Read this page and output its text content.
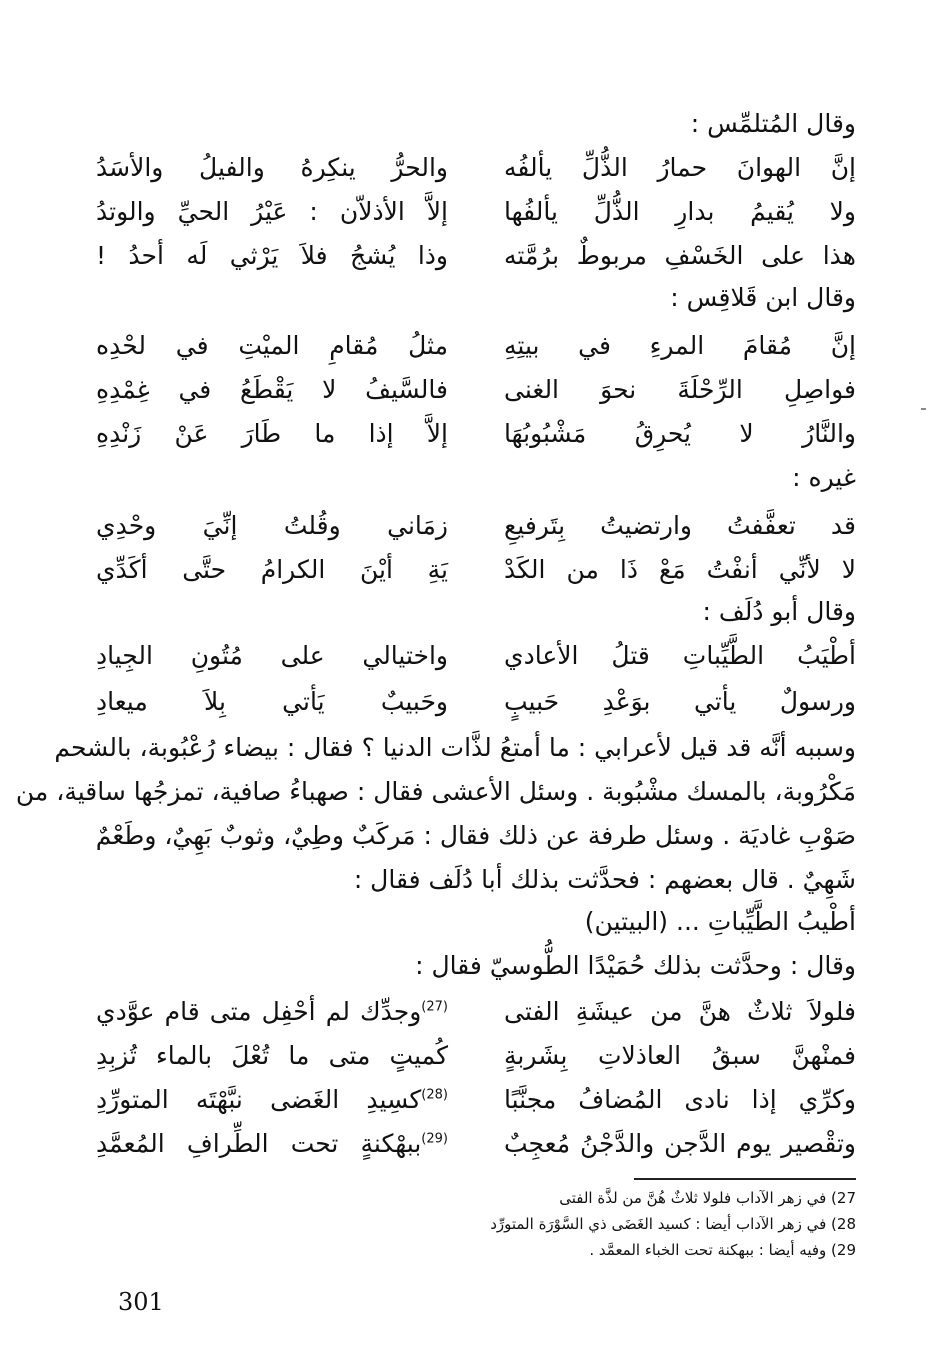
وقال المُتلمِّس :
إنَّ الهوانَ حمارُ الذُّلِّ يألفُه
والحرُّ ينكِرهُ والفيلُ والأسَدُ
ولا يُقيمُ بدارِ الذُّلِّ يألفُها
إلاَّ الأذلاّن : عَيْرُ الحيِّ والوتدُ
هذا على الخَسْفِ مربوطٌ برُمَّته
وذا يُشجُ فلاَ يَرْثي لَه أحدُ !
وقال ابن قَلاقِس :
إنَّ مُقامَ المرءِ في بيتِهِ
مثلُ مُقامِ الميْتِ في لحْدِه
فواصِلِ الرِّحْلَةَ نحوَ الغنى
فالسَّيفُ لا يَقْطَعُ في غِمْدِهِ
والنَّارُ لا يُحرِقُ مَشْبُوبُهَا
إلاَّ إذا ما طَارَ عَنْ زَنْدِهِ
غيره :
قد تعفَّفتُ وارتضيتُ بِتَرفيعِ
زمَاني وقُلتُ إنِّيَ وحْدِي
لا لأنِّي أنفْتُ مَعْ ذَا من الكَدْ
يَةِ أيْنَ الكرامُ حتَّى أكَدِّي
وقال أبو دُلَف :
أطْيَبُ الطَّيِّباتِ قتلُ الأعادي
واختيالي على مُتُونِ الجِيادِ
ورسولٌ يأتي بوَعْدِ حَبيبٍ
وحَبيبٌ يَأتي بِلاَ ميعادِ
وسببه أنَّه قد قيل لأعرابي : ما أمتعُ لذَّات الدنيا ؟ فقال : بيضاء رُعْبُوبة، بالشحم
مَكْرُوبة، بالمسك مشْبُوبة . وسئل الأعشى فقال : صهباءُ صافية، تمزجُها ساقية، من
صَوْبِ غاديَة . وسئل طرفة عن ذلك فقال : مَركَبٌ وطِيٌ، وثوبٌ بَهِيٌ، وطَعْمٌ
شَهِيٌ . قال بعضهم : فحدَّثت بذلك أبا دُلَف فقال :
أطْيبُ الطَّيِّباتِ ... (البيتين)
وقال : وحدَّثت بذلك حُمَيْدًا الطُّوسيّ فقال :
فلولاَ ثلاثٌ هنَّ من عيشَةِ الفتى
$^{(27)}$وجدِّك لم أحْفِل متى قام عوَّدي
فمنْهنَّ سبقُ العاذلاتِ بِشَربةٍ
كُميتٍ متى ما تُعْلَ بالماء تُزبِدِ
وكرِّي إذا نادى المُضافُ مجنَّبًا
$^{(28)}$كسِيدِ الغَضى نبَّهْتَه المتورِّدِ
وتقْصير يوم الدَّجن والدَّجْنُ مُعجِبٌ
$^{(29)}$ببهْكنةٍ تحت الطِّرافِ المُعمَّدِ
27) في زهر الآداب فلولا ثلاثٌ هُنَّ من لذَّة الفتى
28) في زهر الآداب أيضا : كسيد الغَضَى ذي السَّوْرَة المتورِّد
29) وفيه أيضا : ببهكنة تحت الخباء المعمَّد .
301
